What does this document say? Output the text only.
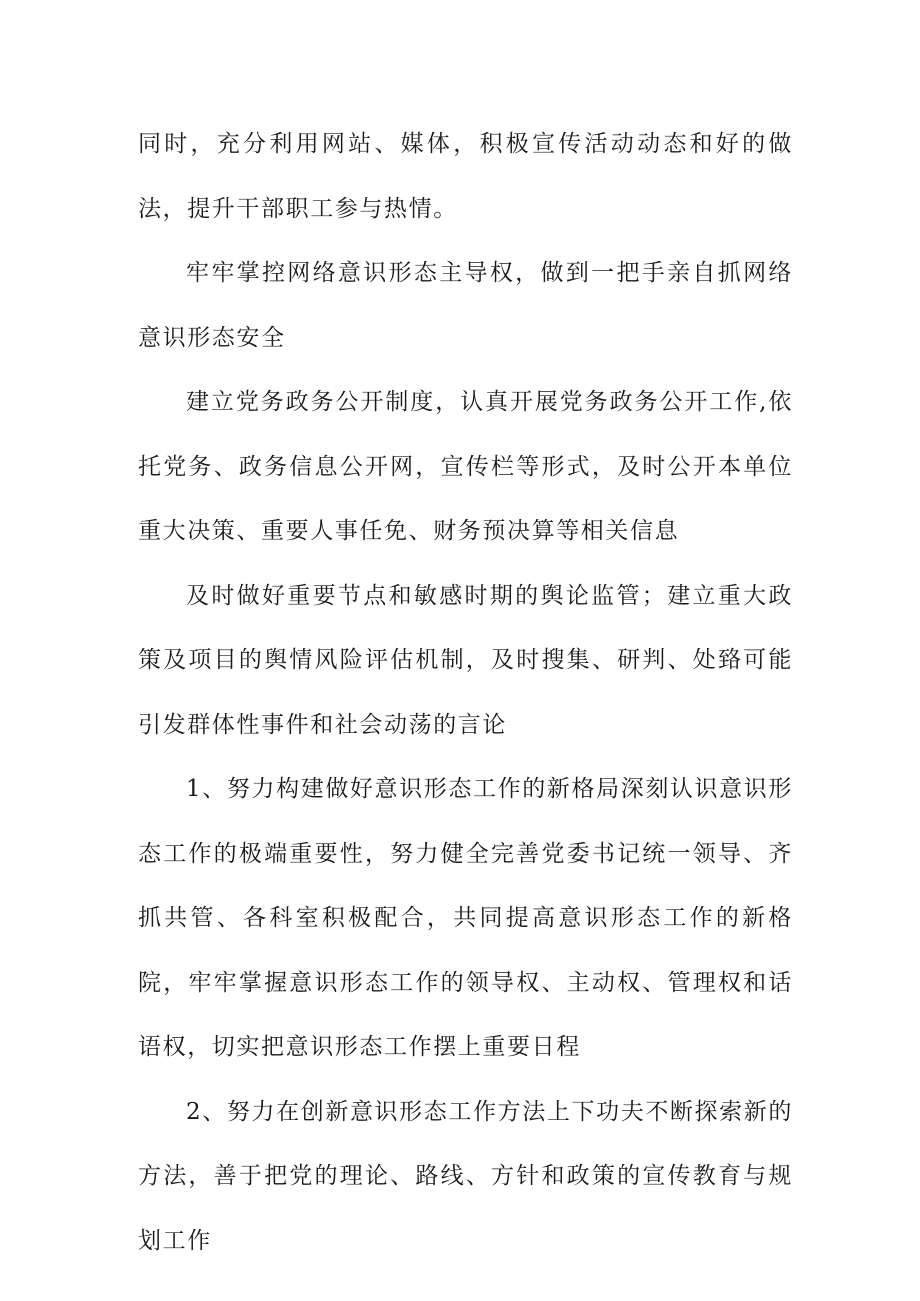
同时，充分利用网站、媒体，积极宣传活动动态和好的做法，提升干部职工参与热情。

牢牢掌控网络意识形态主导权，做到一把手亲自抓网络意识形态安全

建立党务政务公开制度，认真开展党务政务公开工作,依托党务、政务信息公开网，宣传栏等形式，及时公开本单位重大决策、重要人事任免、财务预决算等相关信息

及时做好重要节点和敏感时期的舆论监管；建立重大政策及项目的舆情风险评估机制，及时搜集、研判、处臵可能引发群体性事件和社会动荡的言论

1、努力构建做好意识形态工作的新格局深刻认识意识形态工作的极端重要性，努力健全完善党委书记统一领导、齐抓共管、各科室积极配合，共同提高意识形态工作的新格院，牢牢掌握意识形态工作的领导权、主动权、管理权和话语权，切实把意识形态工作摆上重要日程

2、努力在创新意识形态工作方法上下功夫不断探索新的方法，善于把党的理论、路线、方针和政策的宣传教育与规划工作
